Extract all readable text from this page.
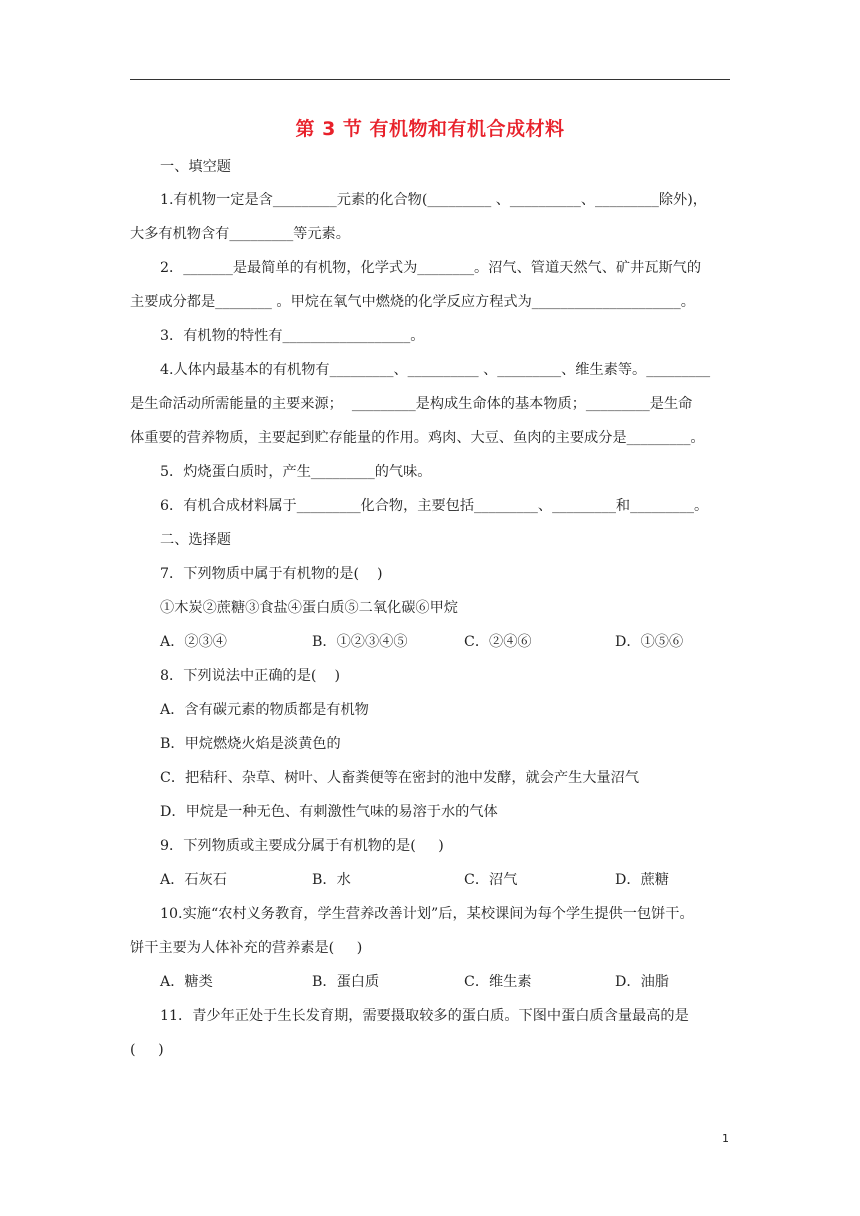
第 3 节 有机物和有机合成材料
一、填空题
1.有机物一定是含_________元素的化合物(_________ 、__________、_________除外)，
大多有机物含有_________等元素。
2．_______是最简单的有机物，化学式为________。沼气、管道天然气、矿井瓦斯气的
主要成分都是________ 。甲烷在氧气中燃烧的化学反应方程式为_____________________。
3．有机物的特性有__________________。
4.人体内最基本的有机物有_________、__________ 、_________、维生素等。_________
是生命活动所需能量的主要来源；  _________是构成生命体的基本物质；_________是生命
体重要的营养物质，主要起到贮存能量的作用。鸡肉、大豆、鱼肉的主要成分是_________。
5．灼烧蛋白质时，产生_________的气味。
6．有机合成材料属于_________化合物，主要包括_________、_________和_________。
二、选择题
7．下列物质中属于有机物的是(    )
①木炭②蔗糖③食盐④蛋白质⑤二氧化碳⑥甲烷
A．②③④	B．①②③④⑤	C．②④⑥	D．①⑤⑥
8．下列说法中正确的是(    )
A．含有碳元素的物质都是有机物
B．甲烷燃烧火焰是淡黄色的
C．把秸秆、杂草、树叶、人畜粪便等在密封的池中发酵，就会产生大量沼气
D．甲烷是一种无色、有刺激性气味的易溶于水的气体
9．下列物质或主要成分属于有机物的是(     )
A．石灰石	B．水	C．沼气	D．蔗糖
10.实施“农村义务教育，学生营养改善计划”后，某校课间为每个学生提供一包饼干。
饼干主要为人体补充的营养素是(     )
A．糖类	B．蛋白质	C．维生素	D．油脂
11．青少年正处于生长发育期，需要摄取较多的蛋白质。下图中蛋白质含量最高的是
(     )
1
